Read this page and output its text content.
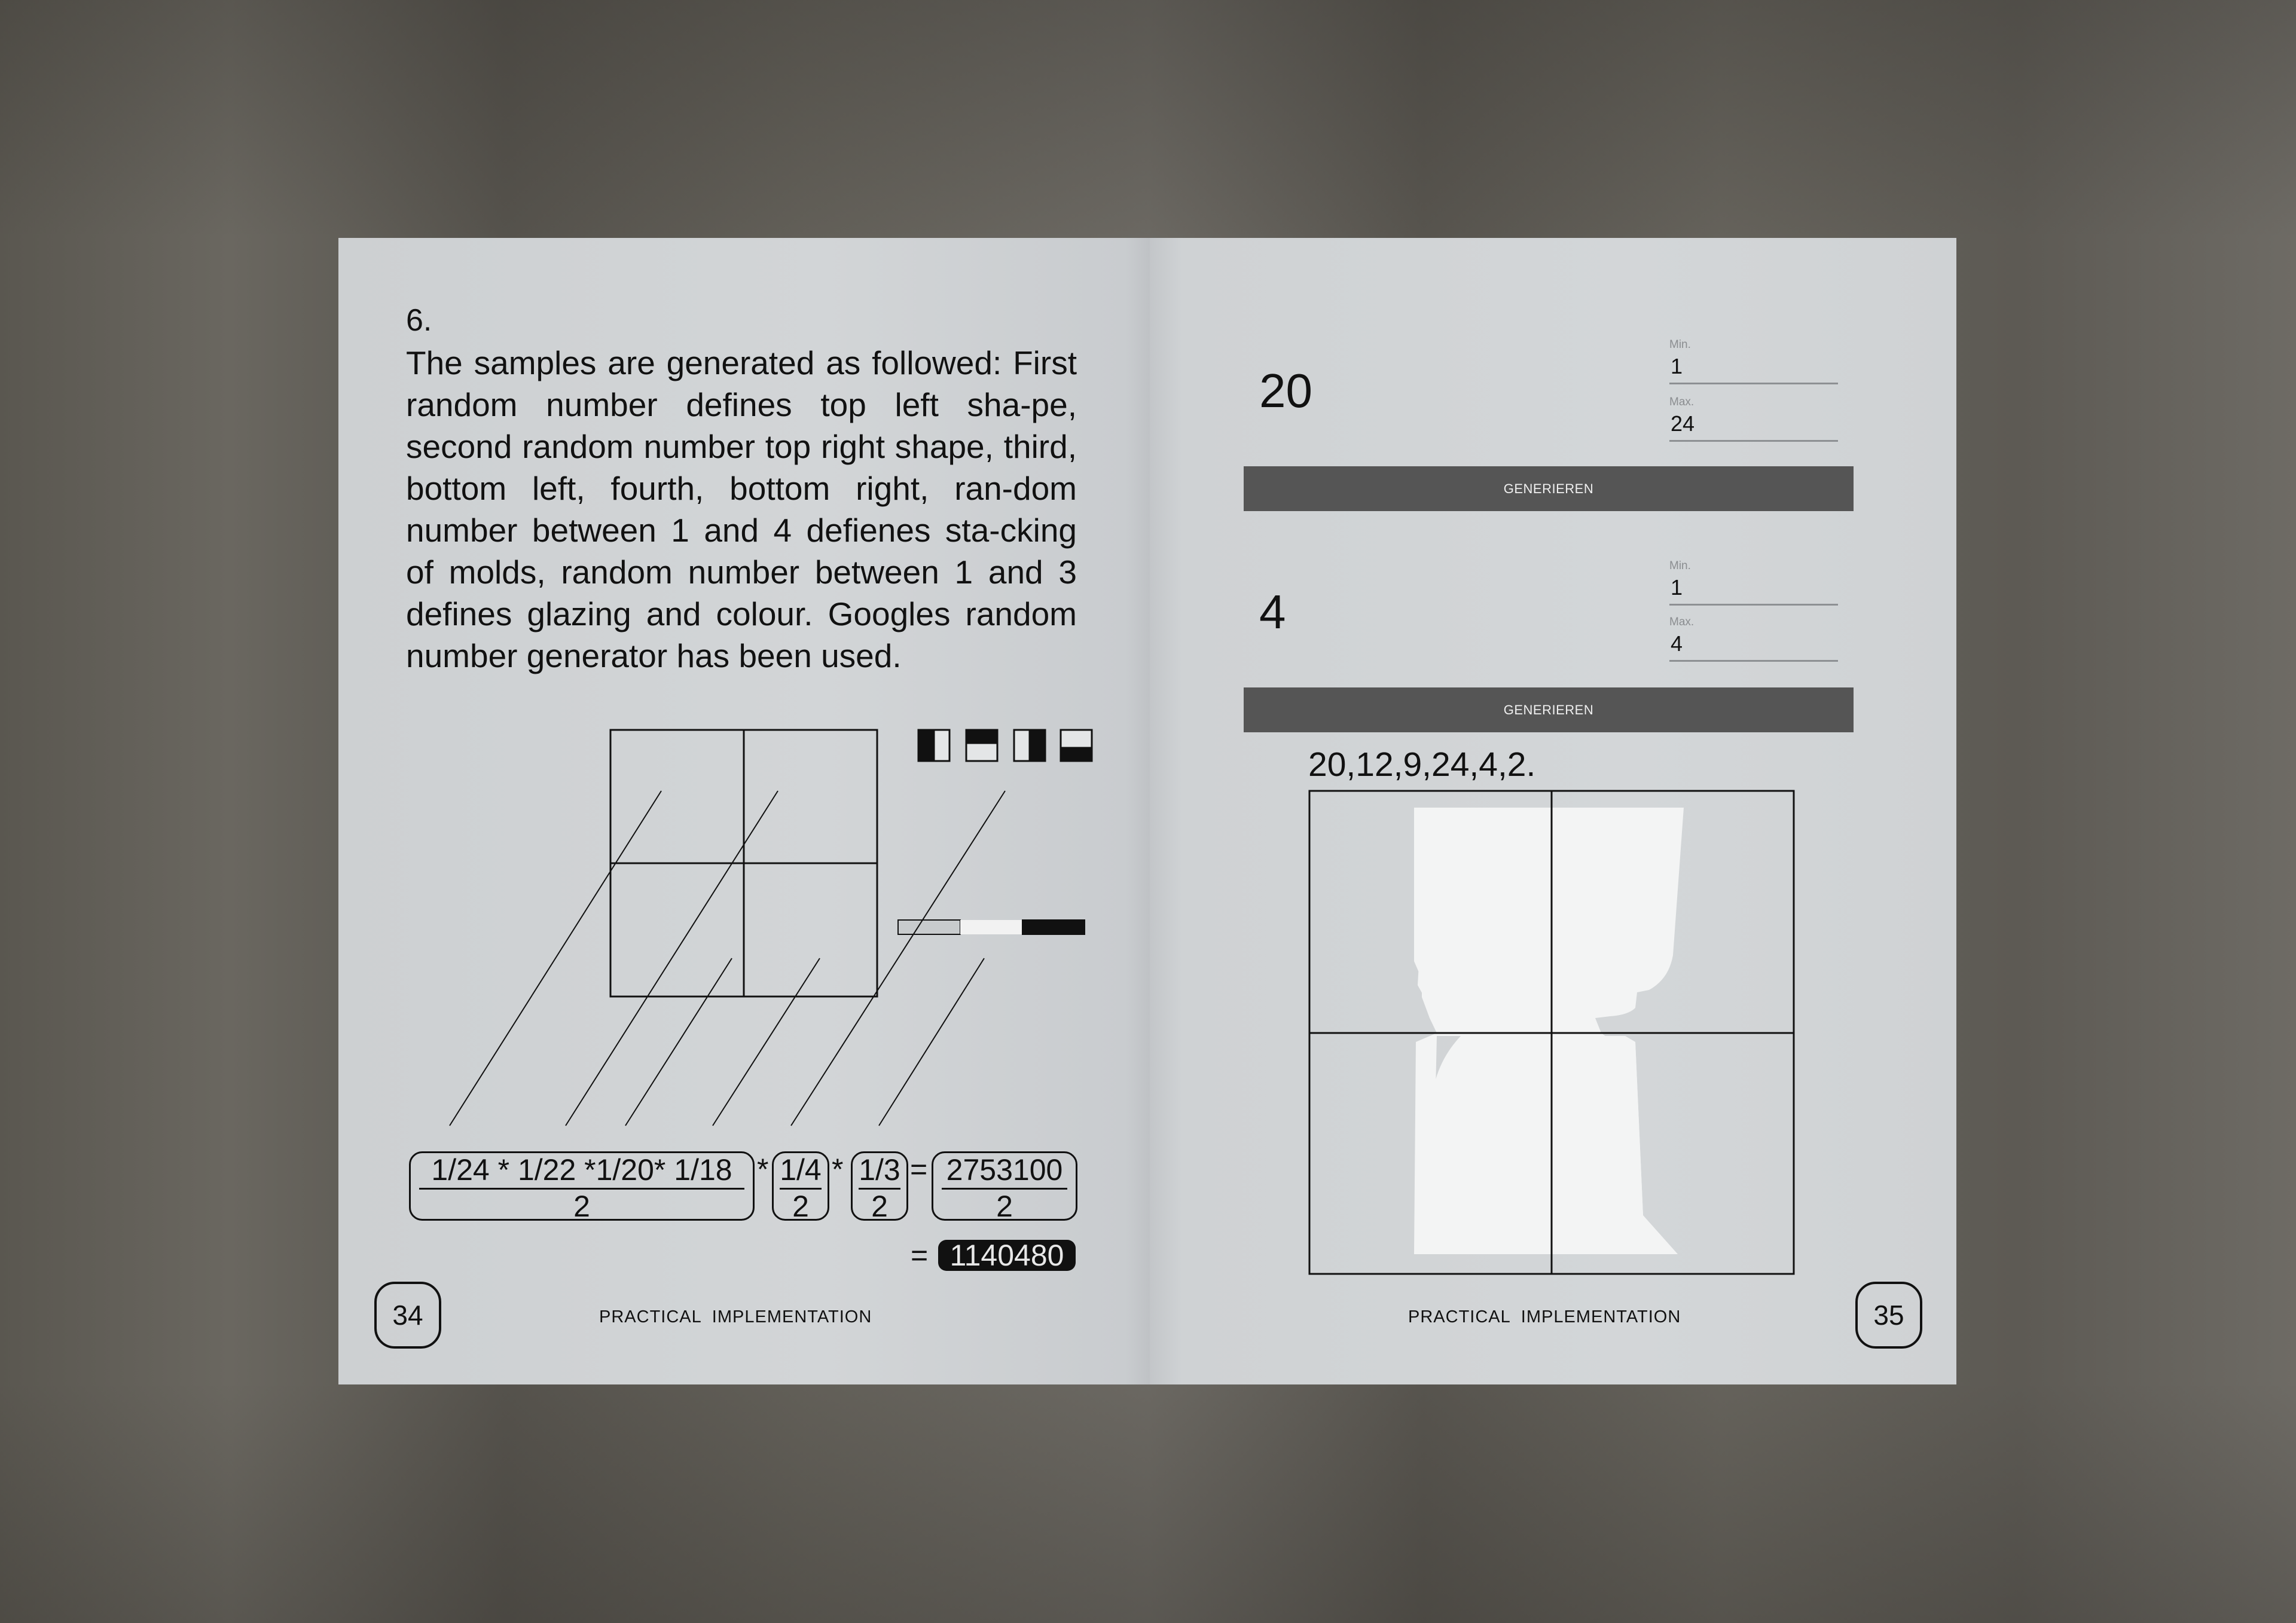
6.
The samples are generated as followed: First random number defines top left sha-pe, second random number top right shape, third, bottom left, fourth, bottom right, ran-dom number between 1 and 4 defienes sta-cking of molds, random number between 1 and 3 defines glazing and colour. Googles random number generator has been used.
$\frac{1/24 * 1/22 *1/20* 1/18}{2} * \frac{1/4}{2} * \frac{1/3}{2} = \frac{2753100}{2}$
= 1140480
34	PRACTICAL  IMPLEMENTATION
20
Min.
1
Max.
24
GENERIEREN
4
Min.
1
Max.
4
GENERIEREN
20,12,9,24,4,2.
35
PRACTICAL  IMPLEMENTATION
